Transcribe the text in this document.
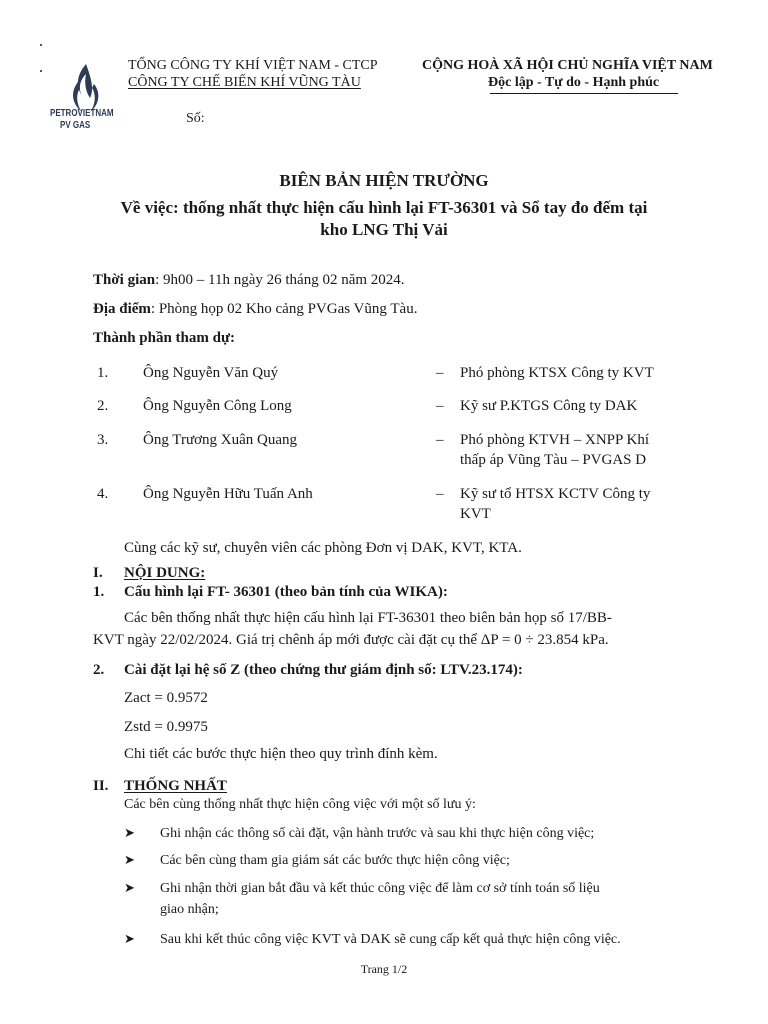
PETROVIETNAM
PV GAS
TỔNG CÔNG TY KHÍ VIỆT NAM - CTCP
CÔNG TY CHẾ BIẾN KHÍ VŨNG TÀU
Số:
CỘNG HOÀ XÃ HỘI CHỦ NGHĨA VIỆT NAM
Độc lập - Tự do - Hạnh phúc
BIÊN BẢN HIỆN TRƯỜNG
Về việc: thống nhất thực hiện cấu hình lại FT-36301 và Sổ tay đo đếm tại
kho LNG Thị Vải
Thời gian: 9h00 – 11h ngày 26 tháng 02 năm 2024.
Địa điểm: Phòng họp 02 Kho cảng PVGas Vũng Tàu.
Thành phần tham dự:
1. Ông Nguyễn Văn Quý	– Phó phòng KTSX Công ty KVT
2. Ông Nguyễn Công Long	– Kỹ sư P.KTGS Công ty DAK
3. Ông Trương Xuân Quang	– Phó phòng KTVH – XNPP Khí
thấp áp Vũng Tàu – PVGAS D
4. Ông Nguyễn Hữu Tuấn Anh	– Kỹ sư tổ HTSX KCTV Công ty
KVT
Cùng các kỹ sư, chuyên viên các phòng Đơn vị DAK, KVT, KTA.
I. NỘI DUNG:
1. Cấu hình lại FT- 36301 (theo bản tính của WIKA):
Các bên thống nhất thực hiện cấu hình lại FT-36301 theo biên bản họp số 17/BB-
KVT ngày 22/02/2024. Giá trị chênh áp mới được cài đặt cụ thể ΔP = 0 ÷ 23.854 kPa.
2. Cài đặt lại hệ số Z (theo chứng thư giám định số: LTV.23.174):
Zact = 0.9572
Zstd = 0.9975
Chi tiết các bước thực hiện theo quy trình đính kèm.
II. THỐNG NHẤT
Các bên cùng thống nhất thực hiện công việc với một số lưu ý:
➤ Ghi nhận các thông số cài đặt, vận hành trước và sau khi thực hiện công việc;
➤ Các bên cùng tham gia giám sát các bước thực hiện công việc;
➤ Ghi nhận thời gian bắt đầu và kết thúc công việc để làm cơ sở tính toán số liệu
giao nhận;
➤ Sau khi kết thúc công việc KVT và DAK sẽ cung cấp kết quả thực hiện công việc.
Trang 1/2
